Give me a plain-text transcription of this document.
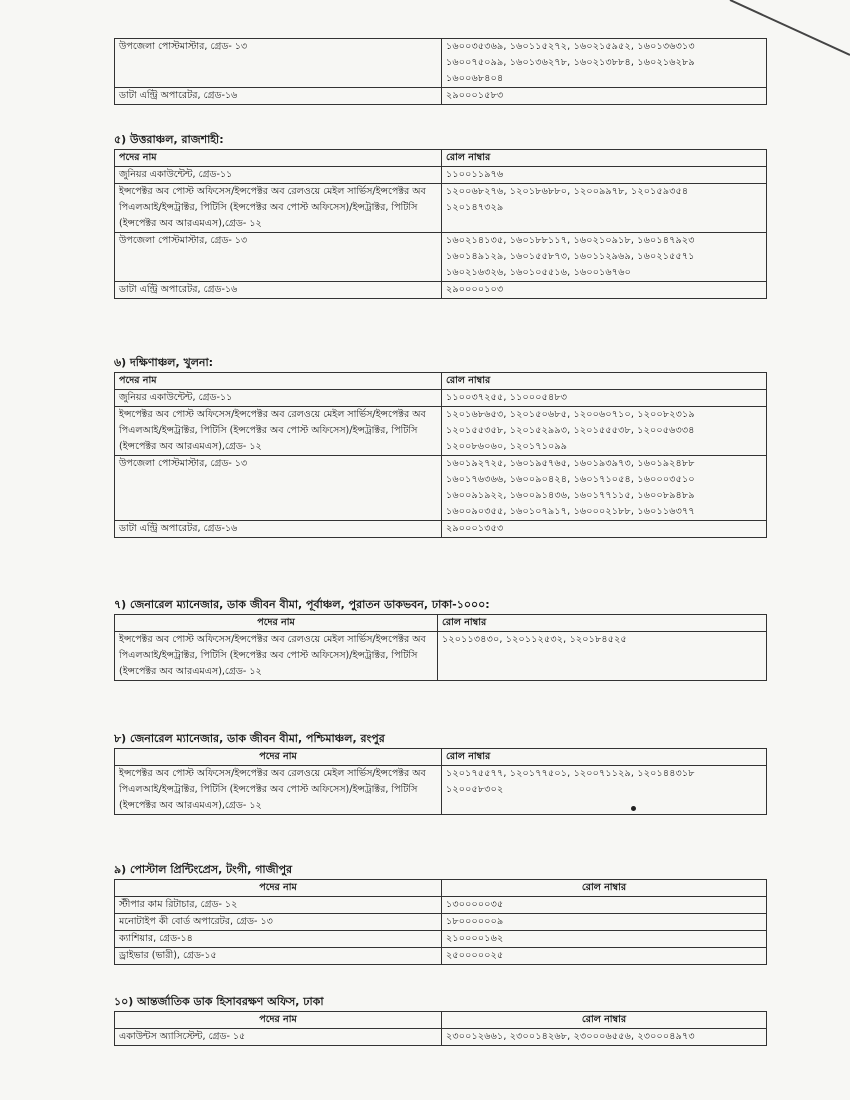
উপজেলা পোস্টমাস্টার, গ্রেড- ১৩	১৬০০৩৫৩৬৯, ১৬০১১৫২৭২, ১৬০২১৫৯৫২, ১৬০১৩৬৩১৩
১৬০০৭৫০৯৯, ১৬০১৩৬২৭৮, ১৬০২১৩৮৮৪, ১৬০২১৬২৮৯
১৬০০৬৮৪০৪

ডাটা এন্ট্রি অপারেটর, গ্রেড-১৬	২৯০০০১৫৮৩
৫) উত্তরাঞ্চল, রাজশাহী:
পদের নাম	রোল নাম্বার
জুনিয়র একাউন্টেন্ট, গ্রেড-১১	১১০০১১৯৭৬

ইন্সপেক্টর অব পোস্ট অফিসেস/ইন্সপেক্টর অব রেলওয়ে মেইল সার্ভিস/ইন্সপেক্টর অব পিএলআই/ইন্সট্রাক্টর, পিটিসি (ইন্সপেক্টর অব পোস্ট অফিসেস)/ইন্সট্রাক্টর, পিটিসি (ইন্সপেক্টর অব আরএমএস),গ্রেড- ১২	১২০০৬৮২৭৬, ১২০১৮৬৮৮০, ১২০০৯৯৭৮, ১২০১৫৯৩৫৪
১২০১৪৭৩২৯

উপজেলা পোস্টমাস্টার, গ্রেড- ১৩	১৬০২১৪১৩৫, ১৬০১৮৮১১৭, ১৬০২১০৯১৮, ১৬০১৪৭৯২৩
১৬০১৪৯১২৯, ১৬০১৫৫৮৭৩, ১৬০১১২৯৬৯, ১৬০২১৫৫৭১
১৬০২১৬৩২৬, ১৬০১০৫৫১৬, ১৬০০১৬৭৬০

ডাটা এন্ট্রি অপারেটর, গ্রেড-১৬	২৯০০০০১০৩
৬) দক্ষিণাঞ্চল, খুলনা:
পদের নাম	রোল নাম্বার
জুনিয়র একাউন্টেন্ট, গ্রেড-১১	১১০০৩৭২৫৫, ১১০০০৫৪৮৩

ইন্সপেক্টর অব পোস্ট অফিসেস/ইন্সপেক্টর অব রেলওয়ে মেইল সার্ভিস/ইন্সপেক্টর অব পিএলআই/ইন্সট্রাক্টর, পিটিসি (ইন্সপেক্টর অব পোস্ট অফিসেস)/ইন্সট্রাক্টর, পিটিসি (ইন্সপেক্টর অব আরএমএস),গ্রেড- ১২	১২০১৬৮৬৫৩, ১২০১৫০৬৮৫, ১২০০৬০৭১০, ১২০০৮২৩১৯
১২০১৫৫৩৫৮, ১২০১৫২৯৯৩, ১২০১৫৫৫৩৮, ১২০০৫৬৩৩৪
১২০০৮৬০৬০, ১২০১৭১০৯৯

উপজেলা পোস্টমাস্টার, গ্রেড- ১৩	১৬০১৯২৭২৫, ১৬০১৯৫৭৬৫, ১৬০১৯৩৯৭৩, ১৬০১৯২৪৮৮
১৬০১৭৬৩৬৬, ১৬০০৯০৪২৪, ১৬০১৭১০৫৪, ১৬০০০৩৫১০
১৬০০৯১৯২২, ১৬০০৯১৪৩৬, ১৬০১৭৭১১৫, ১৬০০৮৯৪৮৯
১৬০০৯০৩৫৫, ১৬০১০৭৯১৭, ১৬০০০২১৮৮, ১৬০১১৬৩৭৭

ডাটা এন্ট্রি অপারেটর, গ্রেড-১৬	২৯০০০১৩৫৩
৭) জেনারেল ম্যানেজার, ডাক জীবন বীমা, পূর্বাঞ্চল, পুরাতন ডাকভবন, ঢাকা-১০০০:
পদের নাম	রোল নাম্বার
ইন্সপেক্টর অব পোস্ট অফিসেস/ইন্সপেক্টর অব রেলওয়ে মেইল সার্ভিস/ইন্সপেক্টর অব পিএলআই/ইন্সট্রাক্টর, পিটিসি (ইন্সপেক্টর অব পোস্ট অফিসেস)/ইন্সট্রাক্টর, পিটিসি (ইন্সপেক্টর অব আরএমএস),গ্রেড- ১২	১২০১১৩৪৩০, ১২০১১২৫৩২, ১২০১৮৪৫২৫
৮) জেনারেল ম্যানেজার, ডাক জীবন বীমা, পশ্চিমাঞ্চল, রংপুর
পদের নাম	রোল নাম্বার
ইন্সপেক্টর অব পোস্ট অফিসেস/ইন্সপেক্টর অব রেলওয়ে মেইল সার্ভিস/ইন্সপেক্টর অব পিএলআই/ইন্সট্রাক্টর, পিটিসি (ইন্সপেক্টর অব পোস্ট অফিসেস)/ইন্সট্রাক্টর, পিটিসি (ইন্সপেক্টর অব আরএমএস),গ্রেড- ১২	১২০১৭৫৫৭৭, ১২০১৭৭৫০১, ১২০০৭১১২৯, ১২০১৪৪৩১৮
১২০০৫৮৩০২
৯) পোস্টাল প্রিন্টিংপ্রেস, টংগী, গাজীপুর
পদের নাম	রোল নাম্বার
স্টীপার কাম রিটাচার, গ্রেড- ১২	১৩০০০০০৩৫

মনোটাইপ কী বোর্ড অপারেটর, গ্রেড- ১৩	১৮০০০০০০৯

ক্যাশিয়ার, গ্রেড-১৪	২১০০০০১৬২

ড্রাইভার (ভারী), গ্রেড-১৫	২৫০০০০০২৫
১০) আন্তর্জাতিক ডাক হিসাবরক্ষণ অফিস, ঢাকা
পদের নাম	রোল নাম্বার
একাউন্টস অ্যাসিস্টেন্ট, গ্রেড- ১৫	২৩০০১২৬৬১, ২৩০০১৪২৬৮, ২৩০০০৬৫৫৬, ২৩০০০৪৯৭৩
